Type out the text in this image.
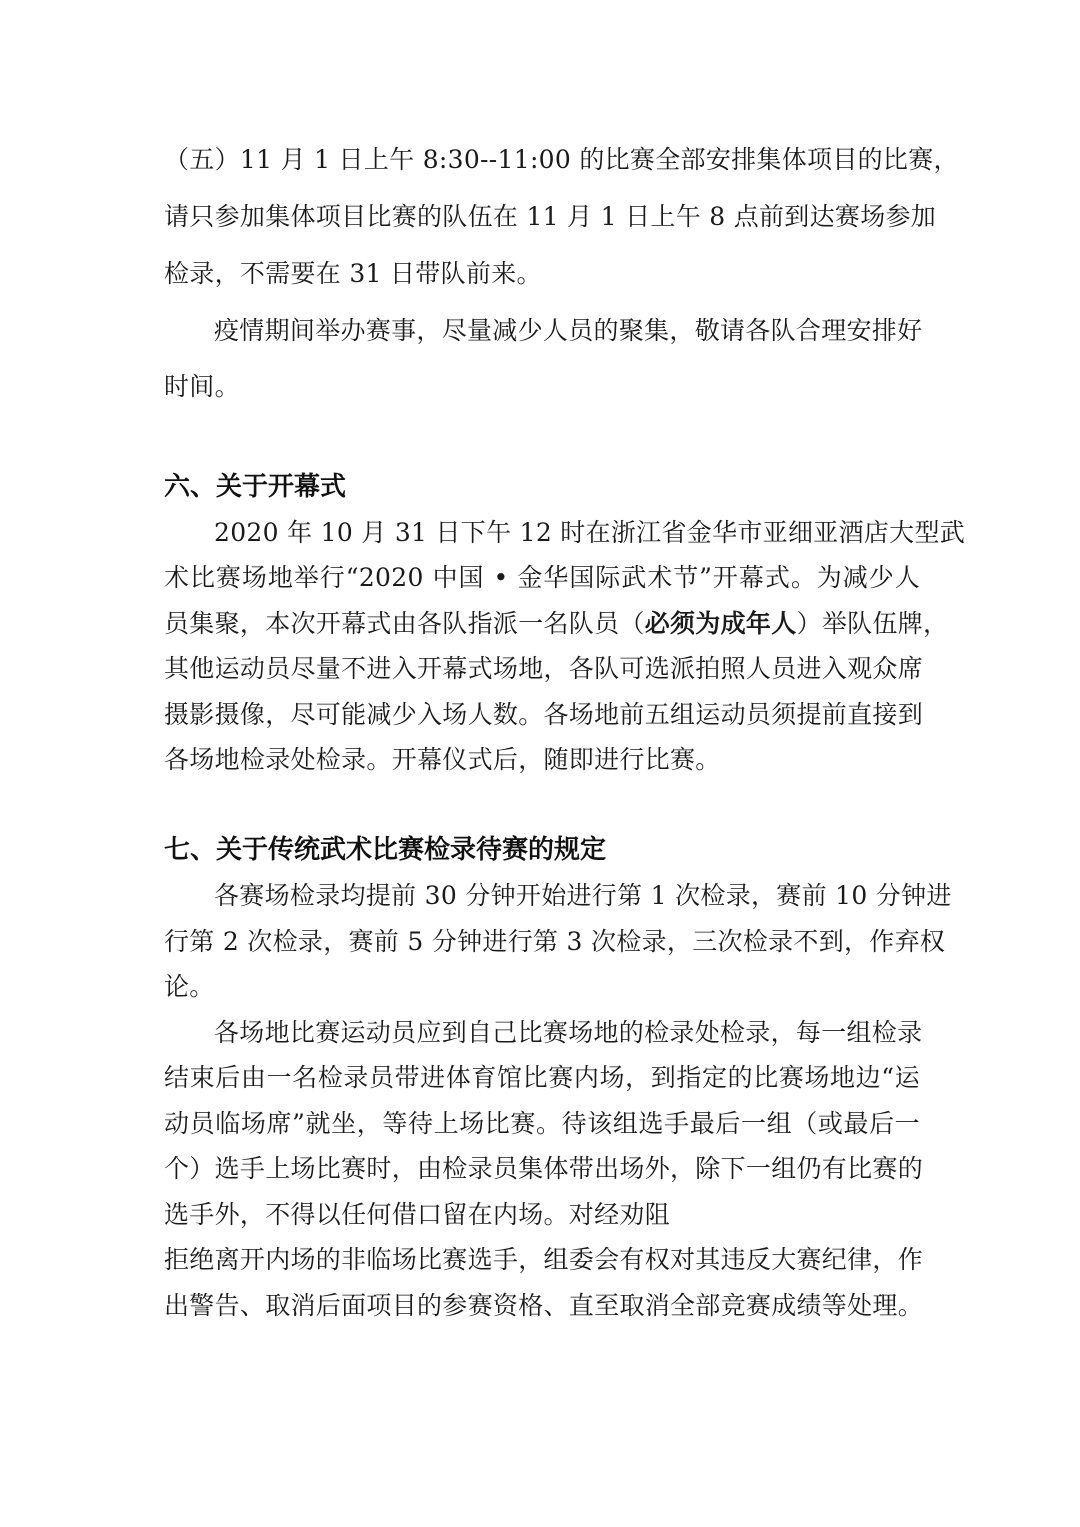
（五）11 月 1 日上午 8:30--11:00 的比赛全部安排集体项目的比赛，
请只参加集体项目比赛的队伍在 11 月 1 日上午 8 点前到达赛场参加
检录，不需要在 31 日带队前来。
疫情期间举办赛事，尽量减少人员的聚集，敬请各队合理安排好
时间。
六、关于开幕式
2020 年 10 月 31 日下午 12 时在浙江省金华市亚细亚酒店大型武
术比赛场地举行“2020 中国 • 金华国际武术节”开幕式。为减少人
员集聚，本次开幕式由各队指派一名队员（必须为成年人）举队伍牌，
其他运动员尽量不进入开幕式场地，各队可选派拍照人员进入观众席
摄影摄像，尽可能减少入场人数。各场地前五组运动员须提前直接到
各场地检录处检录。开幕仪式后，随即进行比赛。
七、关于传统武术比赛检录待赛的规定
各赛场检录均提前 30 分钟开始进行第 1 次检录，赛前 10 分钟进
行第 2 次检录，赛前 5 分钟进行第 3 次检录，三次检录不到，作弃权
论。
各场地比赛运动员应到自己比赛场地的检录处检录，每一组检录
结束后由一名检录员带进体育馆比赛内场，到指定的比赛场地边“运
动员临场席”就坐，等待上场比赛。待该组选手最后一组（或最后一
个）选手上场比赛时，由检录员集体带出场外，除下一组仍有比赛的
选手外，不得以任何借口留在内场。对经劝阻
拒绝离开内场的非临场比赛选手，组委会有权对其违反大赛纪律，作
出警告、取消后面项目的参赛资格、直至取消全部竞赛成绩等处理。
